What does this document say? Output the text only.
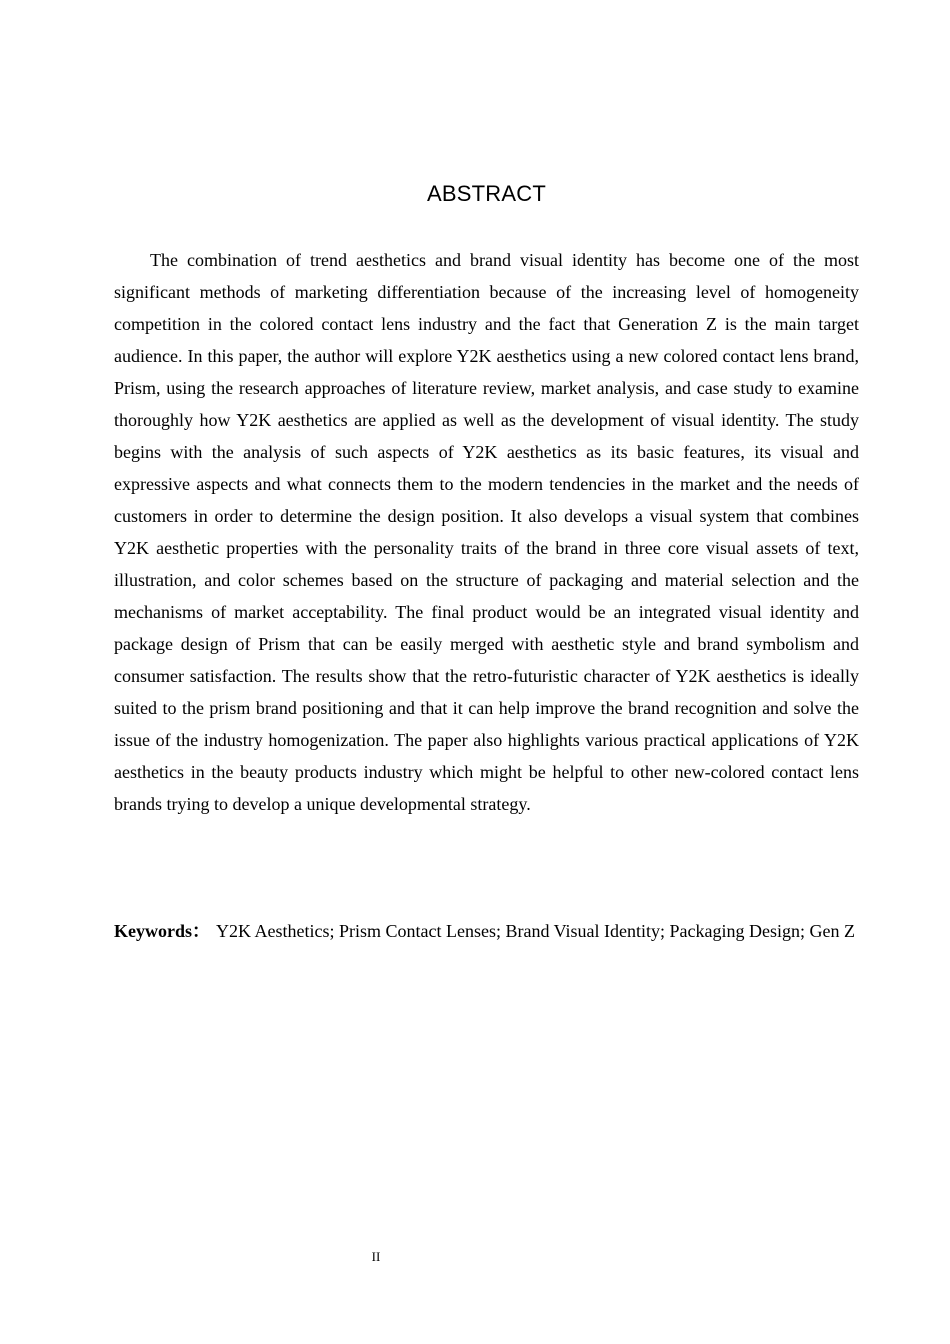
ABSTRACT

The combination of trend aesthetics and brand visual identity has become one of the most significant methods of marketing differentiation because of the increasing level of homogeneity competition in the colored contact lens industry and the fact that Generation Z is the main target audience. In this paper, the author will explore Y2K aesthetics using a new colored contact lens brand, Prism, using the research approaches of literature review, market analysis, and case study to examine thoroughly how Y2K aesthetics are applied as well as the development of visual identity. The study begins with the analysis of such aspects of Y2K aesthetics as its basic features, its visual and expressive aspects and what connects them to the modern tendencies in the market and the needs of customers in order to determine the design position. It also develops a visual system that combines Y2K aesthetic properties with the personality traits of the brand in three core visual assets of text, illustration, and color schemes based on the structure of packaging and material selection and the mechanisms of market acceptability. The final product would be an integrated visual identity and package design of Prism that can be easily merged with aesthetic style and brand symbolism and consumer satisfaction. The results show that the retro-futuristic character of Y2K aesthetics is ideally suited to the prism brand positioning and that it can help improve the brand recognition and solve the issue of the industry homogenization. The paper also highlights various practical applications of Y2K aesthetics in the beauty products industry which might be helpful to other new-colored contact lens brands trying to develop a unique developmental strategy.

Keywords： Y2K Aesthetics; Prism Contact Lenses; Brand Visual Identity; Packaging Design; Gen Z

II
